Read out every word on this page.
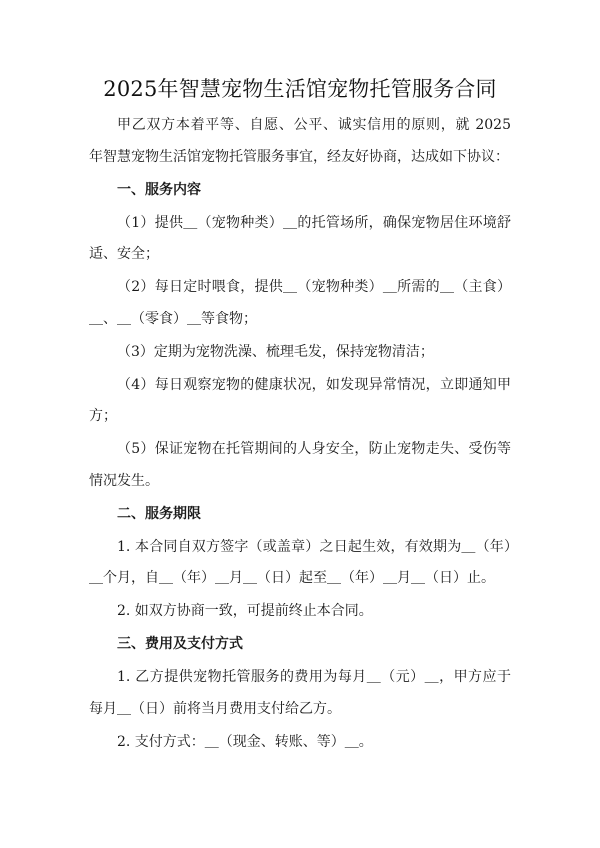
2025年智慧宠物生活馆宠物托管服务合同

甲乙双方本着平等、自愿、公平、诚实信用的原则，就 2025 年智慧宠物生活馆宠物托管服务事宜，经友好协商，达成如下协议：

一、服务内容

（1）提供＿（宠物种类）＿的托管场所，确保宠物居住环境舒适、安全；

（2）每日定时喂食，提供＿（宠物种类）＿所需的＿（主食）＿、＿（零食）＿等食物；

（3）定期为宠物洗澡、梳理毛发，保持宠物清洁；

（4）每日观察宠物的健康状况，如发现异常情况，立即通知甲方；

（5）保证宠物在托管期间的人身安全，防止宠物走失、受伤等情况发生。

二、服务期限

1. 本合同自双方签字（或盖章）之日起生效，有效期为＿（年）＿个月，自＿（年）＿月＿（日）起至＿（年）＿月＿（日）止。

2. 如双方协商一致，可提前终止本合同。

三、费用及支付方式

1. 乙方提供宠物托管服务的费用为每月＿（元）＿，甲方应于每月＿（日）前将当月费用支付给乙方。

2. 支付方式：＿（现金、转账、等）＿。
